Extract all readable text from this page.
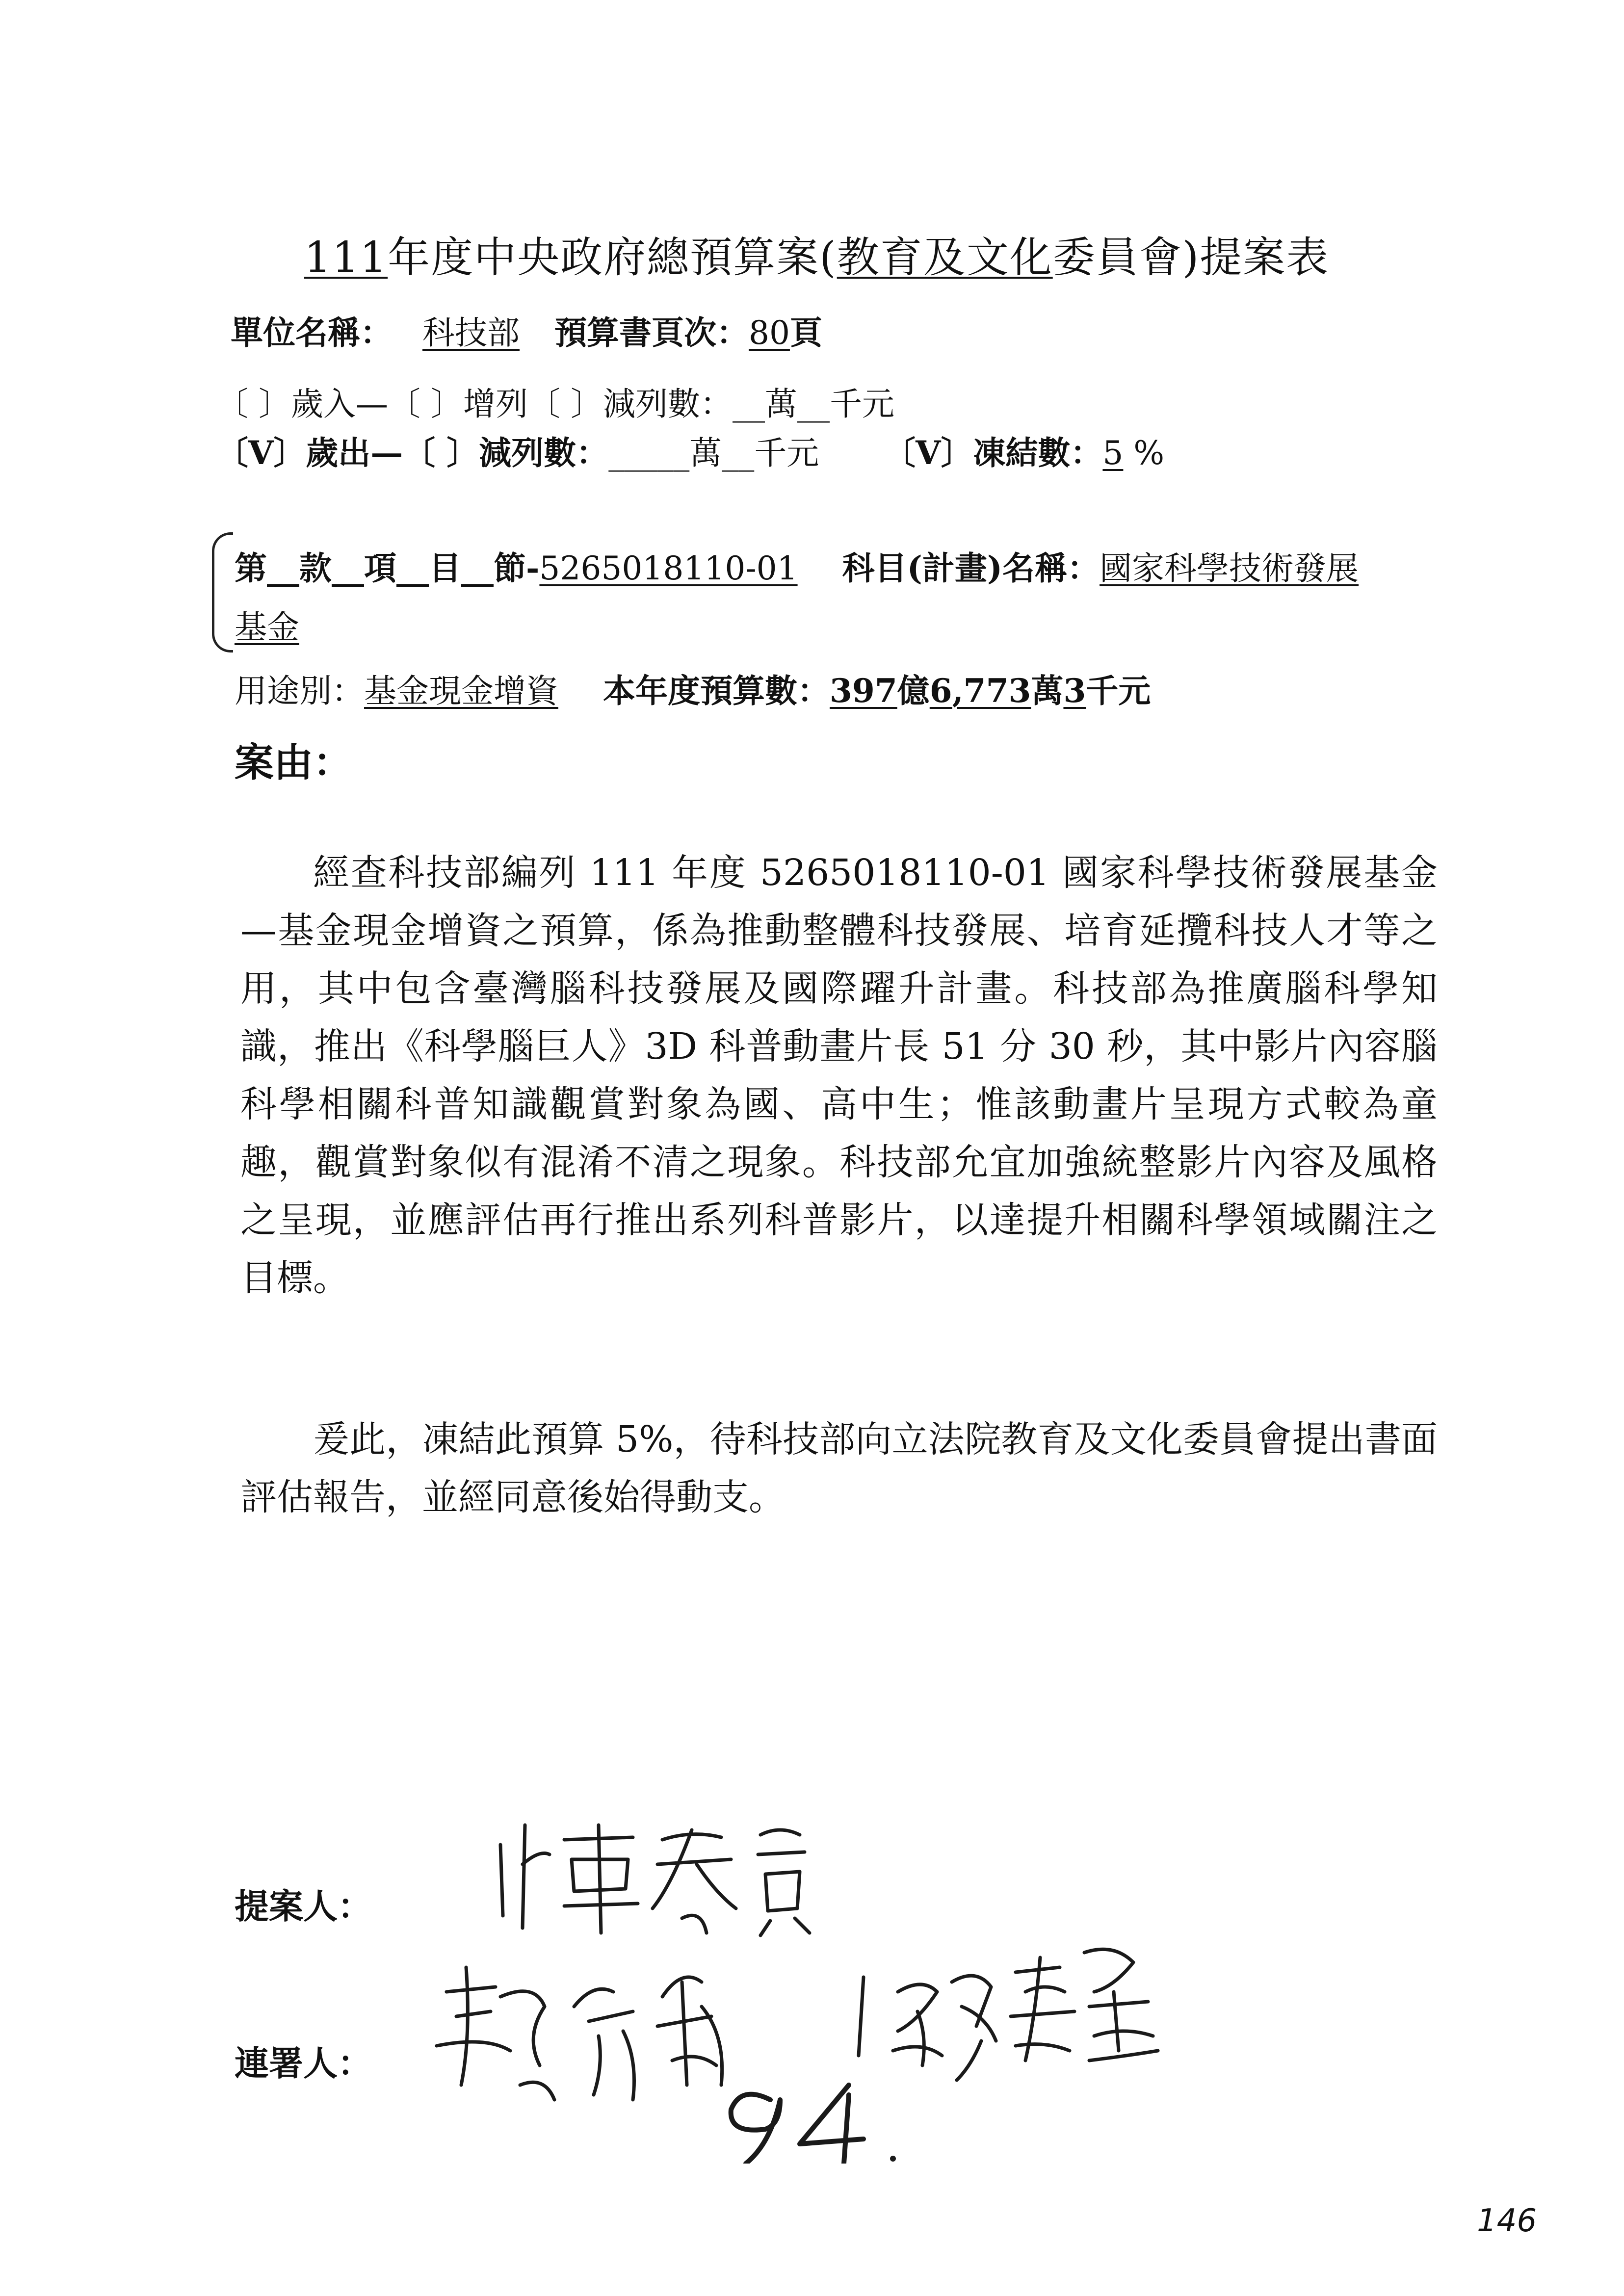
111年度中央政府總預算案(教育及文化委員會)提案表
單位名稱： 科技部 預算書頁次：80頁
〔 〕歲入—〔 〕增列〔 〕減列數：__萬__千元
〔V〕歲出—〔 〕減列數：_____萬__千元 〔V〕凍結數：5 %
第__款__項__目__節-5265018110-01 科目(計畫)名稱：國家科學技術發展
基金
用途別：基金現金增資 本年度預算數：397億6,773萬3千元
案由：

經查科技部編列 111 年度 5265018110-01 國家科學技術發展基金—基金現金增資之預算，係為推動整體科技發展、培育延攬科技人才等之用，其中包含臺灣腦科技發展及國際躍升計畫。科技部為推廣腦科學知識，推出《科學腦巨人》3D 科普動畫片長 51 分 30 秒，其中影片內容腦科學相關科普知識觀賞對象為國、高中生；惟該動畫片呈現方式較為童趣，觀賞對象似有混淆不清之現象。科技部允宜加強統整影片內容及風格之呈現，並應評估再行推出系列科普影片，以達提升相關科學領域關注之目標。

爰此，凍結此預算 5%，待科技部向立法院教育及文化委員會提出書面評估報告，並經同意後始得動支。

提案人：
連署人：
146
